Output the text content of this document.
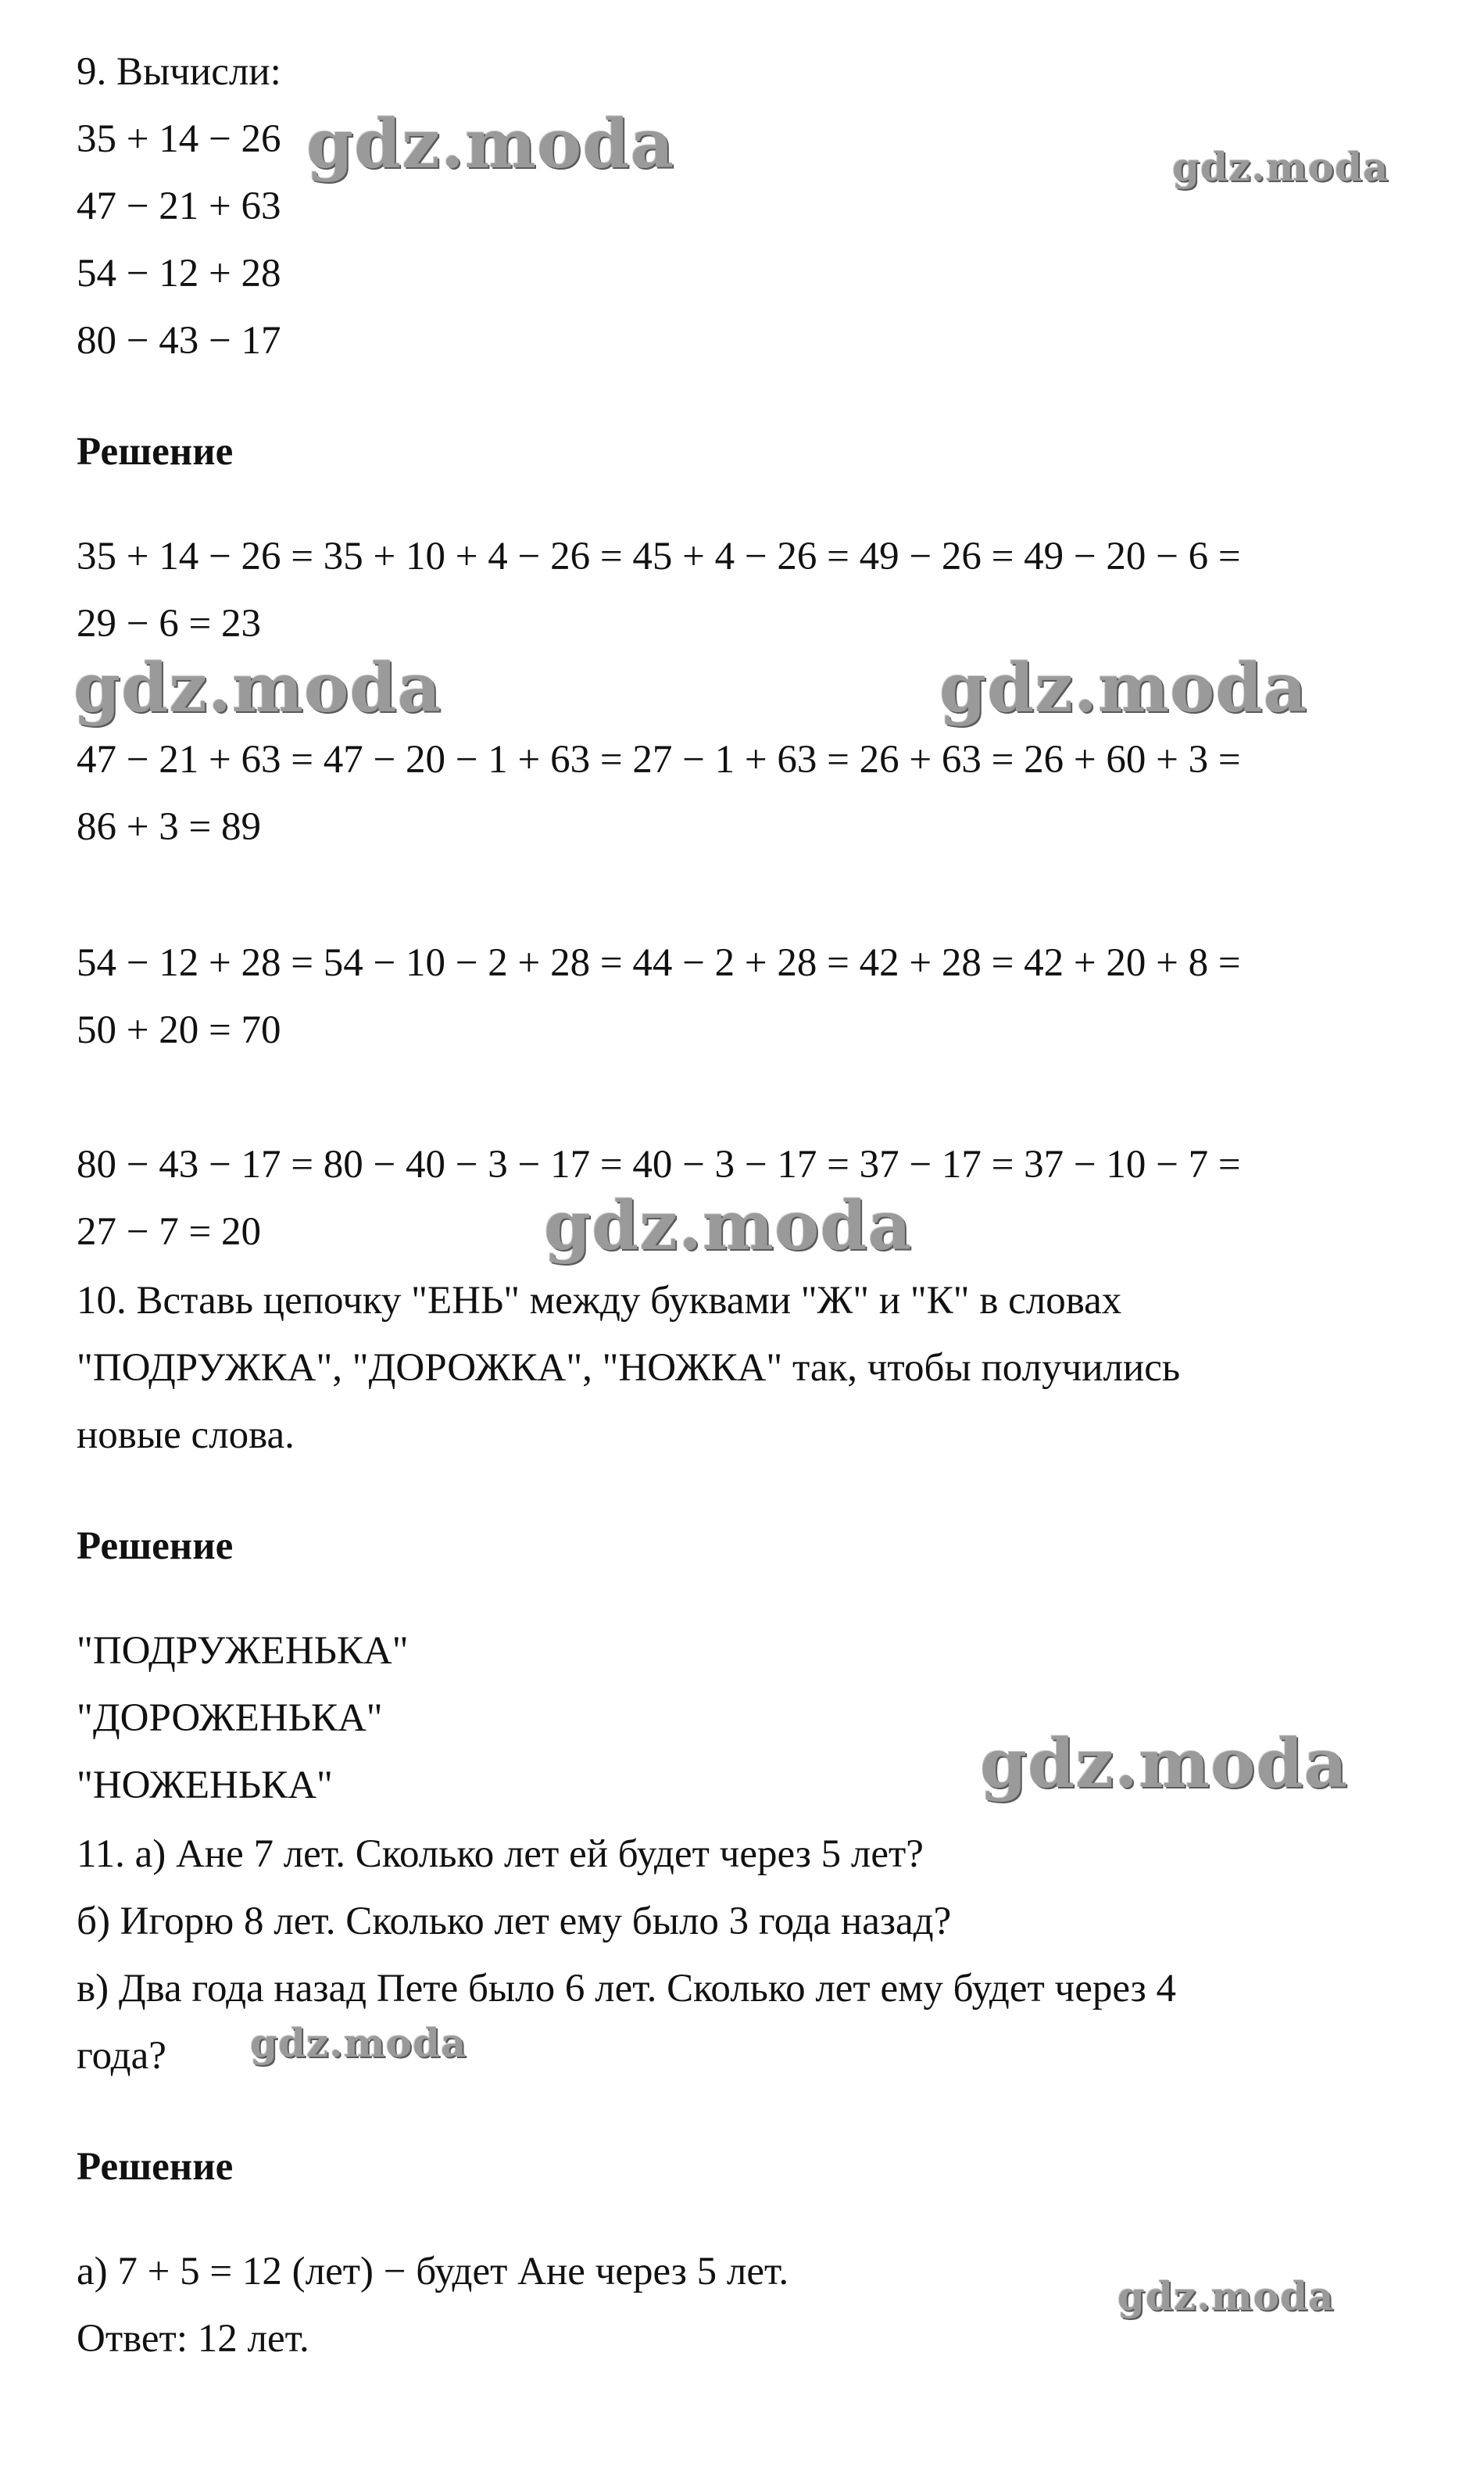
9. Вычисли:
35 + 14 − 26
47 − 21 + 63
54 − 12 + 28
80 − 43 − 17
Решение
35 + 14 − 26 = 35 + 10 + 4 − 26 = 45 + 4 − 26 = 49 − 26 = 49 − 20 − 6 =
29 − 6 = 23
47 − 21 + 63 = 47 − 20 − 1 + 63 = 27 − 1 + 63 = 26 + 63 = 26 + 60 + 3 =
86 + 3 = 89
54 − 12 + 28 = 54 − 10 − 2 + 28 = 44 − 2 + 28 = 42 + 28 = 42 + 20 + 8 =
50 + 20 = 70
80 − 43 − 17 = 80 − 40 − 3 − 17 = 40 − 3 − 17 = 37 − 17 = 37 − 10 − 7 =
27 − 7 = 20
10. Вставь цепочку "ЕНЬ" между буквами "Ж" и "К" в словах
"ПОДРУЖКА", "ДОРОЖКА", "НОЖКА" так, чтобы получились
новые слова.
Решение
"ПОДРУЖЕНЬКА"
"ДОРОЖЕНЬКА"
"НОЖЕНЬКА"
11. а) Ане 7 лет. Сколько лет ей будет через 5 лет?
б) Игорю 8 лет. Сколько лет ему было 3 года назад?
в) Два года назад Пете было 6 лет. Сколько лет ему будет через 4
года?
Решение
а) 7 + 5 = 12 (лет) − будет Ане через 5 лет.
Ответ: 12 лет.
gdz.moda	gdz.moda
gdz.moda	gdz.moda
gdz.moda
gdz.moda
gdz.moda
gdz.moda
